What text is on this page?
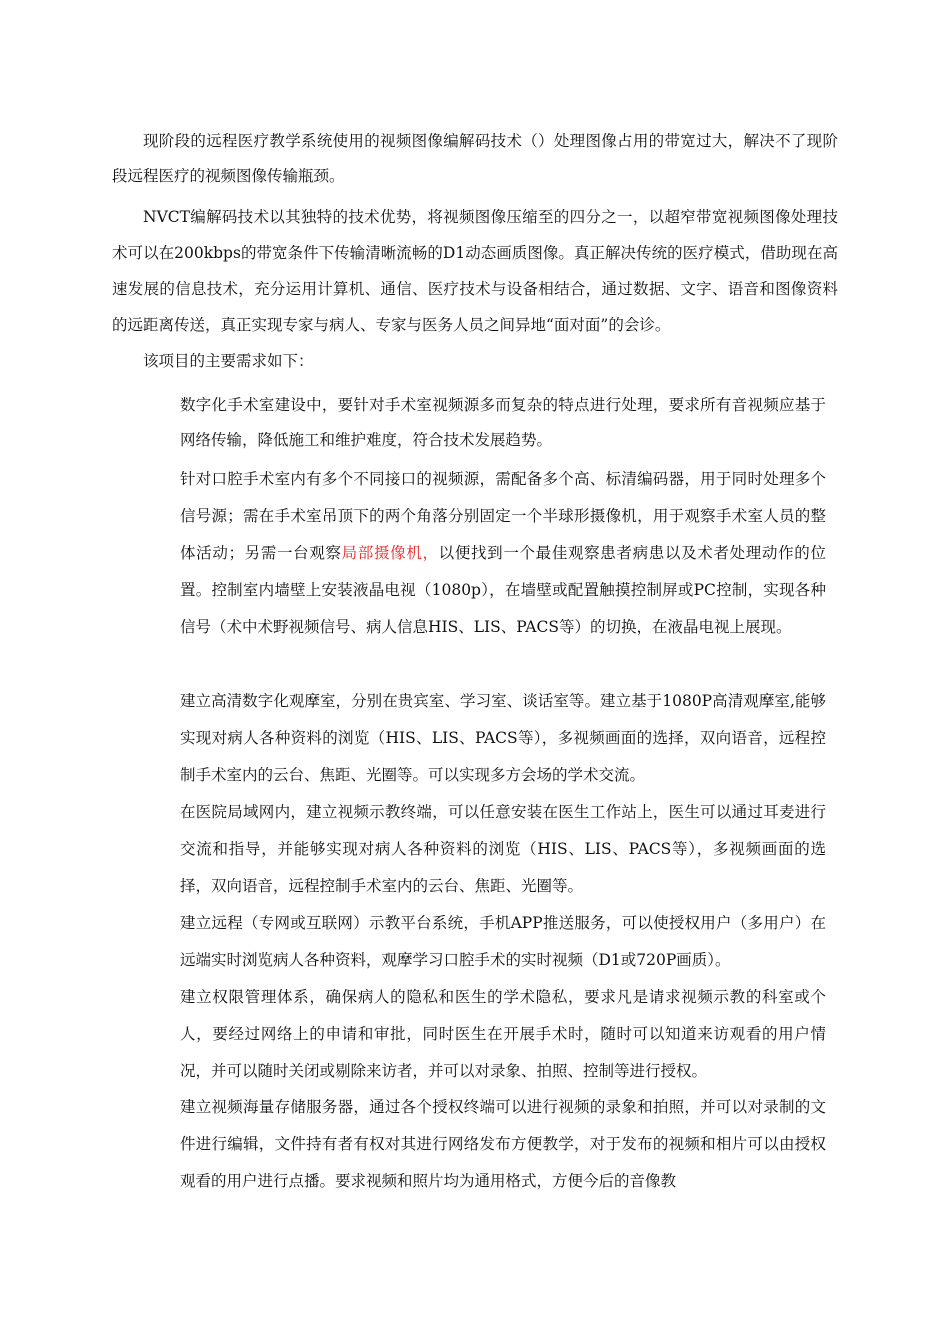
现阶段的远程医疗教学系统使用的视频图像编解码技术（）处理图像占用的带宽过大，解决不了现阶段远程医疗的视频图像传输瓶颈。

NVCT编解码技术以其独特的技术优势，将视频图像压缩至的四分之一，以超窄带宽视频图像处理技术可以在200kbps的带宽条件下传输清晰流畅的D1动态画质图像。真正解决传统的医疗模式，借助现在高速发展的信息技术，充分运用计算机、通信、医疗技术与设备相结合，通过数据、文字、语音和图像资料的远距离传送，真正实现专家与病人、专家与医务人员之间异地“面对面”的会诊。

该项目的主要需求如下：

数字化手术室建设中，要针对手术室视频源多而复杂的特点进行处理，要求所有音视频应基于网络传输，降低施工和维护难度，符合技术发展趋势。

针对口腔手术室内有多个不同接口的视频源，需配备多个高、标清编码器，用于同时处理多个信号源；需在手术室吊顶下的两个角落分别固定一个半球形摄像机，用于观察手术室人员的整体活动；另需一台观察局部摄像机，以便找到一个最佳观察患者病患以及术者处理动作的位置。控制室内墙壁上安装液晶电视（1080p），在墙壁或配置触摸控制屏或PC控制，实现各种信号（术中术野视频信号、病人信息HIS、LIS、PACS等）的切换，在液晶电视上展现。

建立高清数字化观摩室，分别在贵宾室、学习室、谈话室等。建立基于1080P高清观摩室,能够实现对病人各种资料的浏览（HIS、LIS、PACS等），多视频画面的选择，双向语音，远程控制手术室内的云台、焦距、光圈等。可以实现多方会场的学术交流。

在医院局域网内，建立视频示教终端，可以任意安装在医生工作站上，医生可以通过耳麦进行交流和指导，并能够实现对病人各种资料的浏览（HIS、LIS、PACS等），多视频画面的选择，双向语音，远程控制手术室内的云台、焦距、光圈等。

建立远程（专网或互联网）示教平台系统，手机APP推送服务，可以使授权用户（多用户）在远端实时浏览病人各种资料，观摩学习口腔手术的实时视频（D1或720P画质）。

建立权限管理体系，确保病人的隐私和医生的学术隐私，要求凡是请求视频示教的科室或个人，要经过网络上的申请和审批，同时医生在开展手术时，随时可以知道来访观看的用户情况，并可以随时关闭或剔除来访者，并可以对录象、拍照、控制等进行授权。

建立视频海量存储服务器，通过各个授权终端可以进行视频的录象和拍照，并可以对录制的文件进行编辑，文件持有者有权对其进行网络发布方便教学，对于发布的视频和相片可以由授权观看的用户进行点播。要求视频和照片均为通用格式，方便今后的音像教
